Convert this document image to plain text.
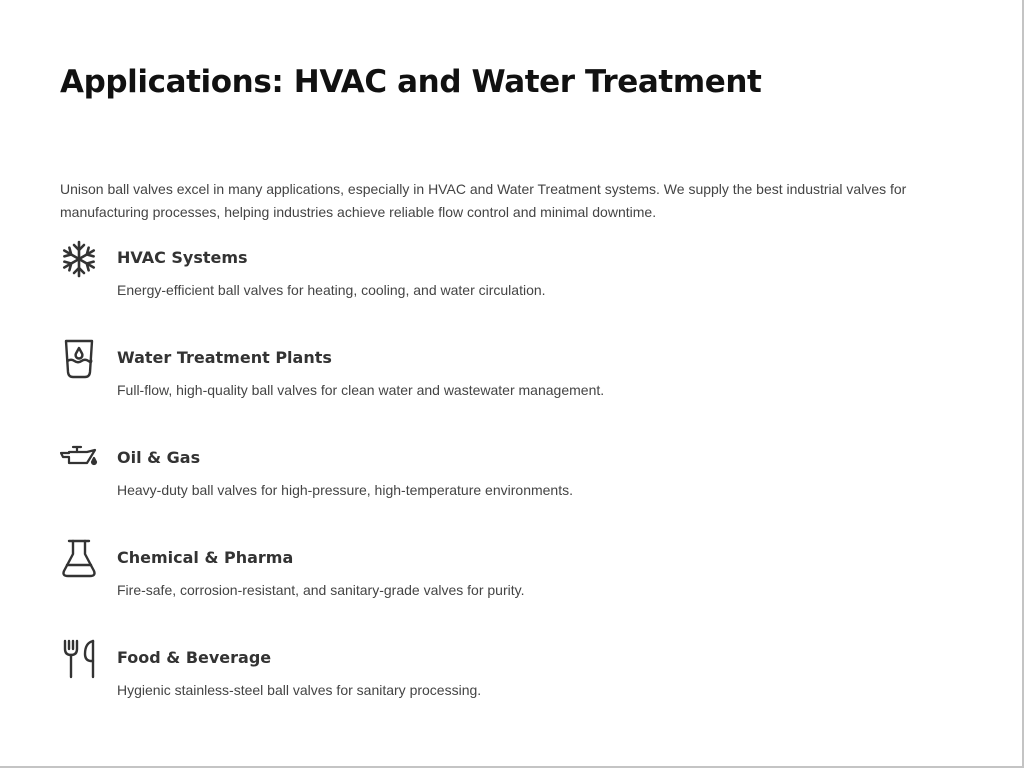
Applications: HVAC and Water Treatment

Unison ball valves excel in many applications, especially in HVAC and Water Treatment systems. We supply the best industrial valves for manufacturing processes, helping industries achieve reliable flow control and minimal downtime.

HVAC Systems

Energy-efficient ball valves for heating, cooling, and water circulation.

Water Treatment Plants

Full-flow, high-quality ball valves for clean water and wastewater management.

Oil & Gas

Heavy-duty ball valves for high-pressure, high-temperature environments.

Chemical & Pharma

Fire-safe, corrosion-resistant, and sanitary-grade valves for purity.

Food & Beverage

Hygienic stainless-steel ball valves for sanitary processing.
